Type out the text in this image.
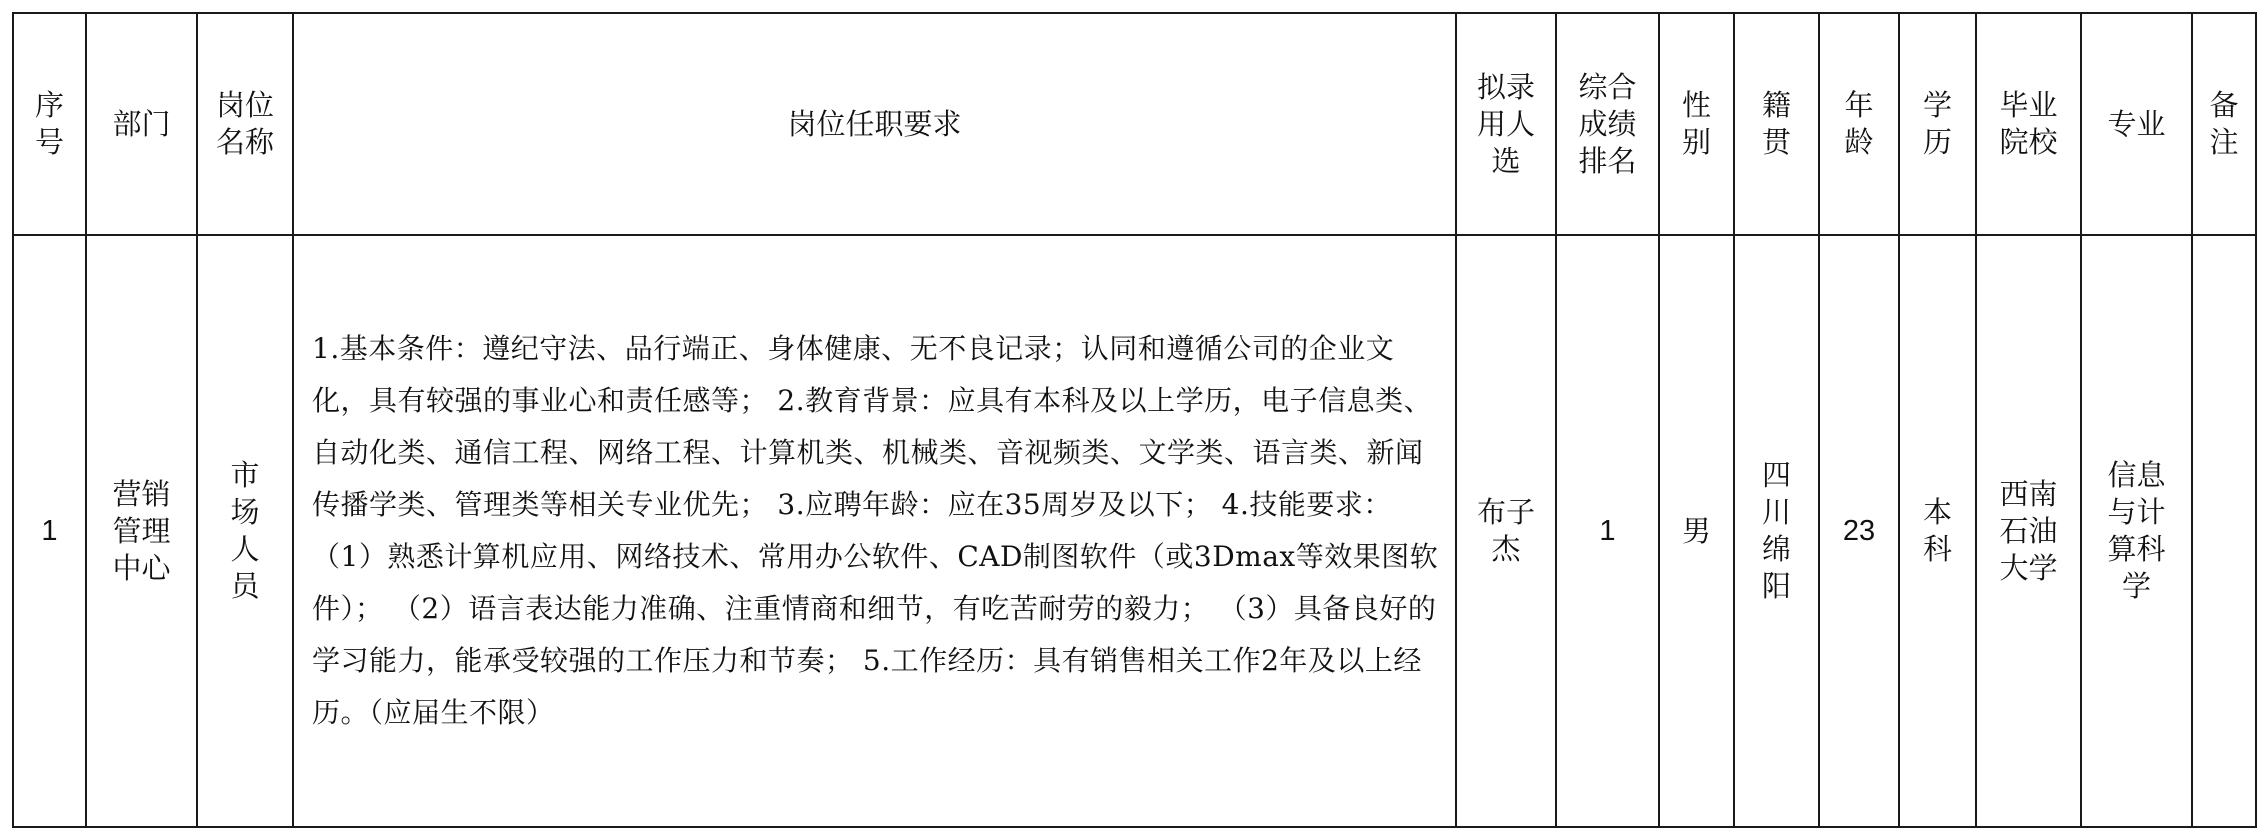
序号	部门	岗位名称	岗位任职要求	拟录用人选	综合成绩排名	性别	籍贯	年龄	学历	毕业院校	专业	备注
1	营销管理中心	市场人员	1.基本条件：遵纪守法、品行端正、身体健康、无不良记录；认同和遵循公司的企业文化，具有较强的事业心和责任感等； 2.教育背景：应具有本科及以上学历，电子信息类、自动化类、通信工程、网络工程、计算机类、机械类、音视频类、文学类、语言类、新闻传播学类、管理类等相关专业优先； 3.应聘年龄：应在35周岁及以下； 4.技能要求： （1）熟悉计算机应用、网络技术、常用办公软件、CAD制图软件（或3Dmax等效果图软件）； （2）语言表达能力准确、注重情商和细节，有吃苦耐劳的毅力； （3）具备良好的学习能力，能承受较强的工作压力和节奏； 5.工作经历：具有销售相关工作2年及以上经历。（应届生不限）	布子杰	1	男	四川绵阳	23	本科	西南石油大学	信息与计算科学	
